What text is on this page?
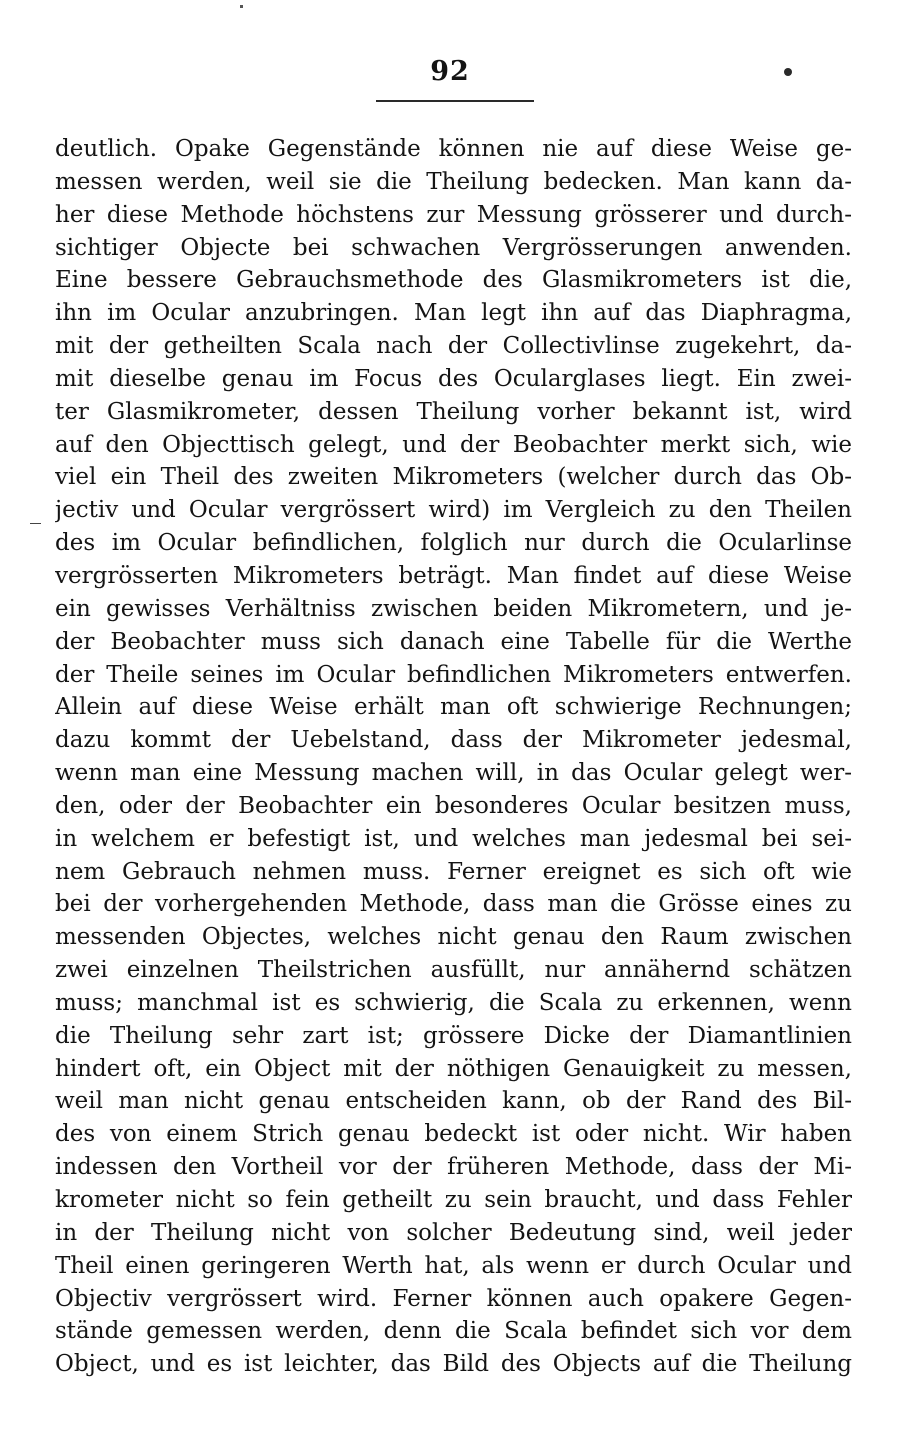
92
deutlich. Opake Gegenstände können nie auf diese Weise ge-
messen werden, weil sie die Theilung bedecken. Man kann da-
her diese Methode höchstens zur Messung grösserer und durch-
sichtiger Objecte bei schwachen Vergrösserungen anwenden.
Eine bessere Gebrauchsmethode des Glasmikrometers ist die,
ihn im Ocular anzubringen. Man legt ihn auf das Diaphragma,
mit der getheilten Scala nach der Collectivlinse zugekehrt, da-
mit dieselbe genau im Focus des Ocularglases liegt. Ein zwei-
ter Glasmikrometer, dessen Theilung vorher bekannt ist, wird
auf den Objecttisch gelegt, und der Beobachter merkt sich, wie
viel ein Theil des zweiten Mikrometers (welcher durch das Ob-
jectiv und Ocular vergrössert wird) im Vergleich zu den Theilen
des im Ocular befindlichen, folglich nur durch die Ocularlinse
vergrösserten Mikrometers beträgt. Man findet auf diese Weise
ein gewisses Verhältniss zwischen beiden Mikrometern, und je-
der Beobachter muss sich danach eine Tabelle für die Werthe
der Theile seines im Ocular befindlichen Mikrometers entwerfen.
Allein auf diese Weise erhält man oft schwierige Rechnungen;
dazu kommt der Uebelstand, dass der Mikrometer jedesmal,
wenn man eine Messung machen will, in das Ocular gelegt wer-
den, oder der Beobachter ein besonderes Ocular besitzen muss,
in welchem er befestigt ist, und welches man jedesmal bei sei-
nem Gebrauch nehmen muss. Ferner ereignet es sich oft wie
bei der vorhergehenden Methode, dass man die Grösse eines zu
messenden Objectes, welches nicht genau den Raum zwischen
zwei einzelnen Theilstrichen ausfüllt, nur annähernd schätzen
muss; manchmal ist es schwierig, die Scala zu erkennen, wenn
die Theilung sehr zart ist; grössere Dicke der Diamantlinien
hindert oft, ein Object mit der nöthigen Genauigkeit zu messen,
weil man nicht genau entscheiden kann, ob der Rand des Bil-
des von einem Strich genau bedeckt ist oder nicht. Wir haben
indessen den Vortheil vor der früheren Methode, dass der Mi-
krometer nicht so fein getheilt zu sein braucht, und dass Fehler
in der Theilung nicht von solcher Bedeutung sind, weil jeder
Theil einen geringeren Werth hat, als wenn er durch Ocular und
Objectiv vergrössert wird. Ferner können auch opakere Gegen-
stände gemessen werden, denn die Scala befindet sich vor dem
Object, und es ist leichter, das Bild des Objects auf die Theilung
